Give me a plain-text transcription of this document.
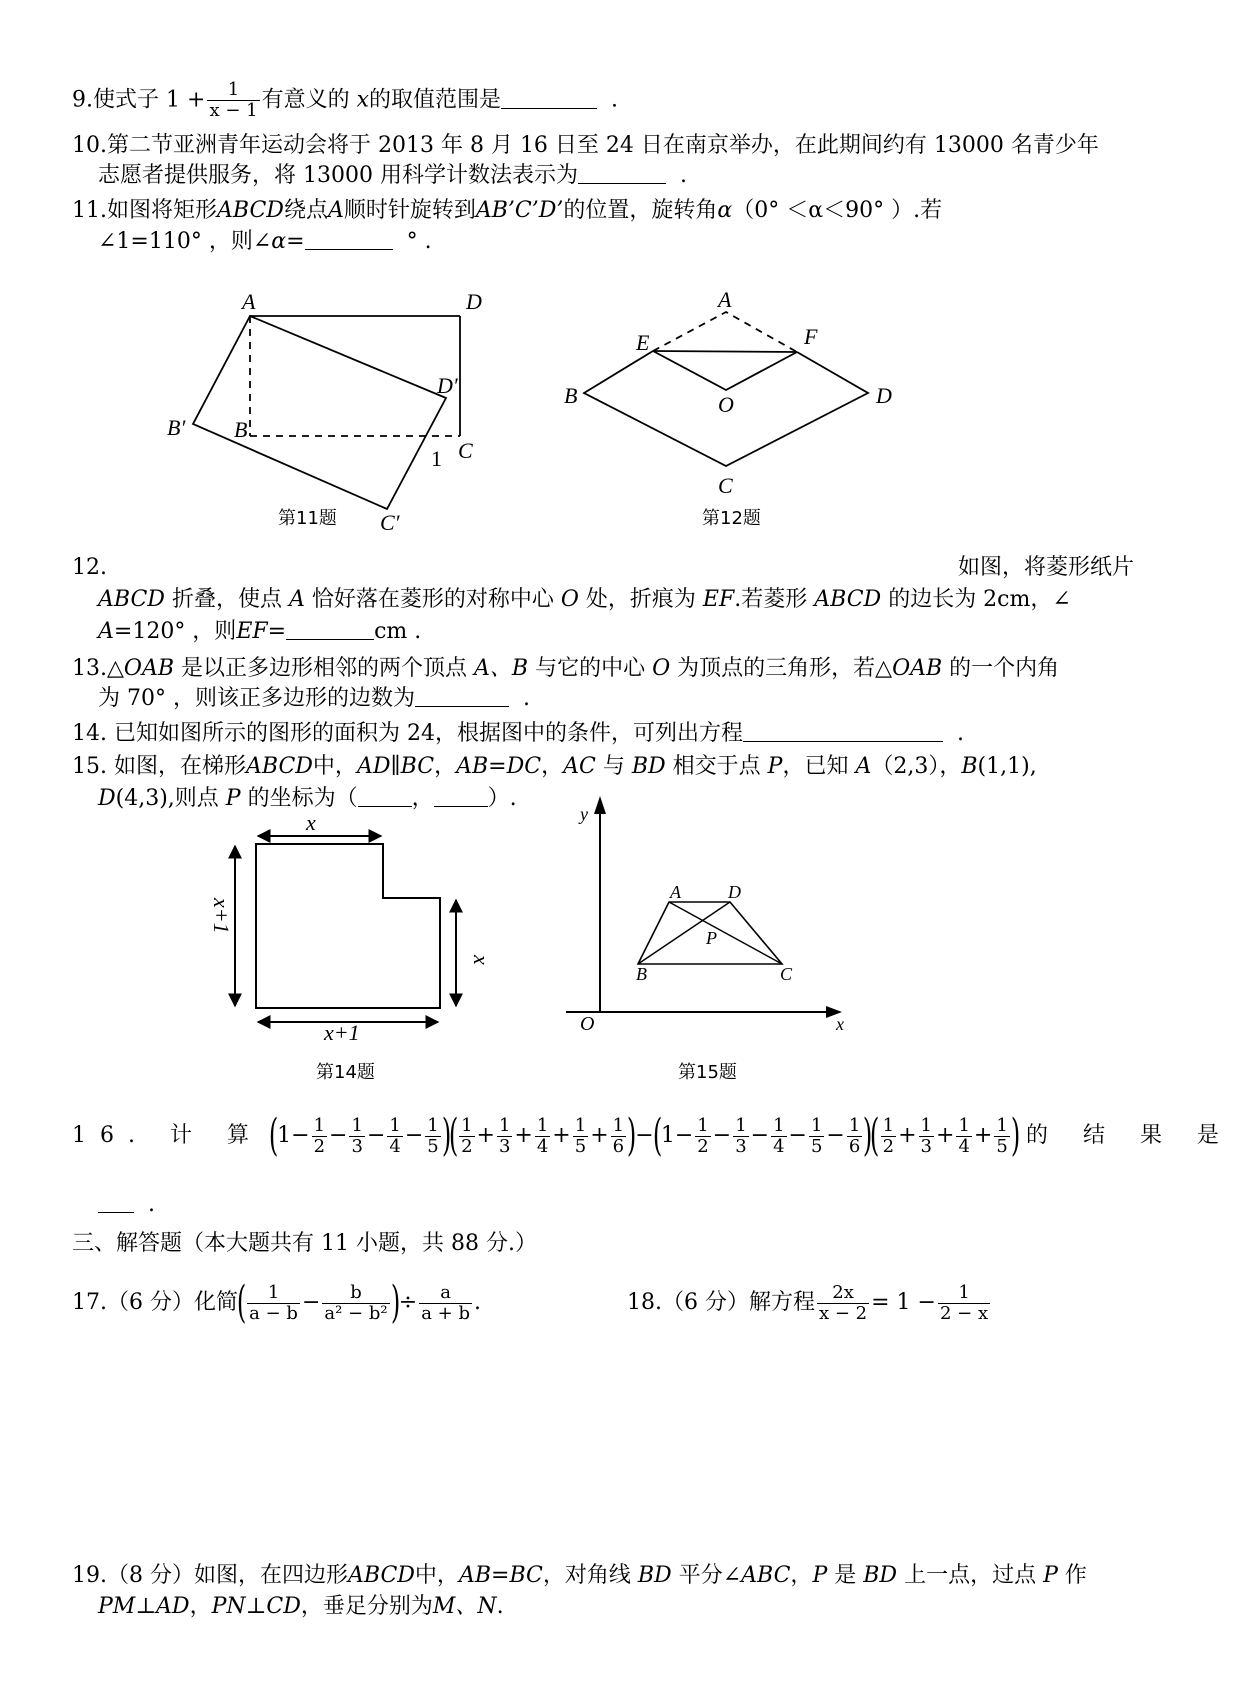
9.使式子 $1 + \frac{1}{x - 1}$ 有意义的 x的取值范围是	.
10.第二节亚洲青年运动会将于 2013 年 8 月 16 日至 24 日在南京举办，在此期间约有 13000 名青少年
志愿者提供服务，将 13000 用科学计数法表示为	.
11.如图将矩形ABCD绕点A顺时针旋转到AB’C’D’的位置，旋转角α（0° ＜α＜90° ）.若
∠1=110° ，则∠α=	° .
A	D
D′
B′ B
C
C′
1
第11题
A
E	F
B	O	D
C
第12题
12.	如图，将菱形纸片
ABCD 折叠，使点 A 恰好落在菱形的对称中心 O 处，折痕为 EF.若菱形 ABCD 的边长为 2cm，∠
A=120° ，则EF=	cm .
13.△OAB 是以正多边形相邻的两个顶点 A、B 与它的中心 O 为顶点的三角形，若△OAB 的一个内角
为 70° ，则该正多边形的边数为	.
14. 已知如图所示的图形的面积为 24，根据图中的条件，可列出方程	.
15. 如图，在梯形ABCD中，AD∥BC，AB=DC，AC 与 BD 相交于点 P，已知 A（2,3），B(1,1),
D(4,3),则点 P 的坐标为（ ， ）.
x
x+1
x
x+1
第14题
y
x
O
A	D
P
B	C
第15题
16. 计 算 ($1- \frac{1}{2} - \frac{1}{3} - \frac{1}{4} - \frac{1}{5}$ )( $\frac{1}{2} + \frac{1}{3} + \frac{1}{4} + \frac{1}{5} + \frac{1}{6} )-(1- \frac{1}{2} - \frac{1}{3} - \frac{1}{4} - \frac{1}{5} - \frac{1}{6}$ )( $\frac{1}{2} + \frac{1}{3} + \frac{1}{4} + \frac{1}{5}$ ) 的 结 果 是
.
三、解答题（本大题共有 11 小题，共 88 分.）
17.（6 分）化简( $\frac{1}{a - b} - \frac{b}{\text{a² − b²}}$ )÷ $\frac{a}{a + b}$ .	18.（6 分）解方程 $\frac{2x}{x - 2} = 1 - \frac{1}{2 - x}$
19.（8 分）如图，在四边形ABCD中，AB=BC，对角线 BD 平分∠ABC，P 是 BD 上一点，过点 P 作
PM⊥AD，PN⊥CD，垂足分别为M、N.
